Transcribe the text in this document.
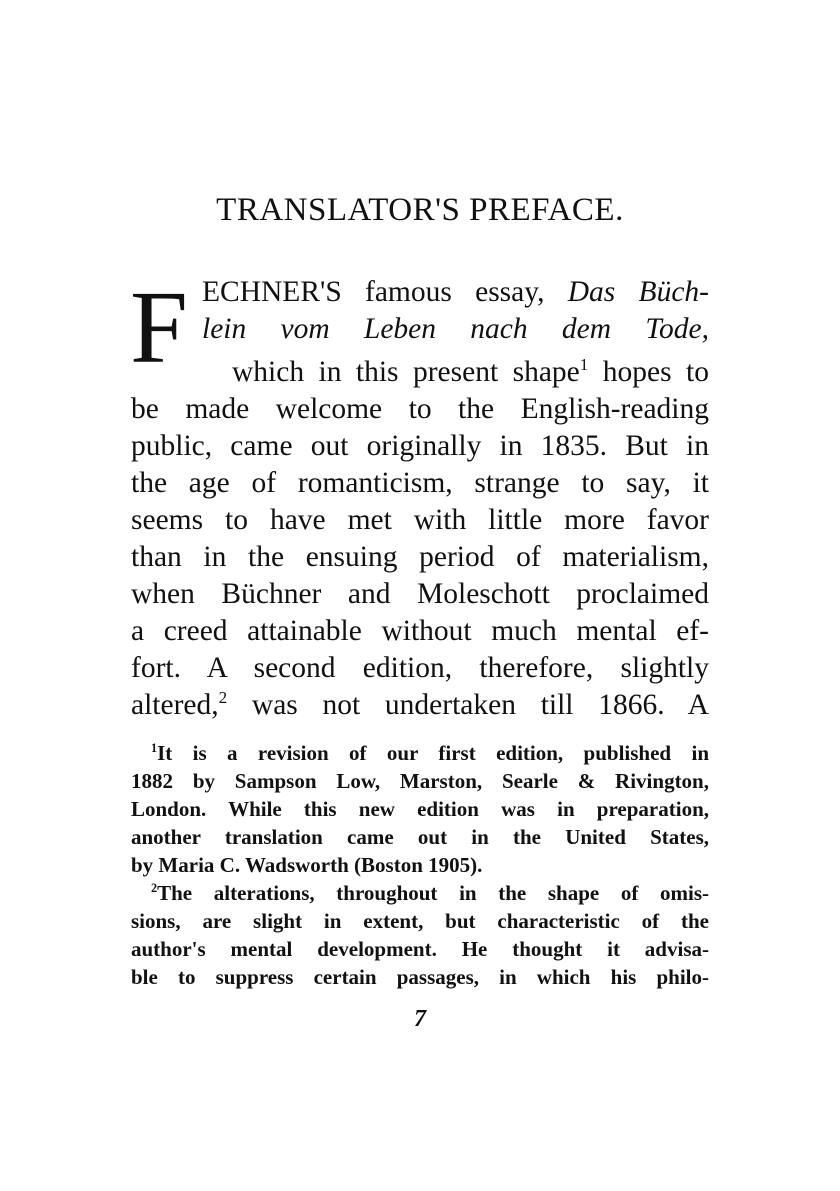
TRANSLATOR'S PREFACE.
F ECHNER'S famous essay, Das Büch-
lein vom Leben nach dem Tode,
which in this present shape$^1$ hopes to
be made welcome to the English-reading
public, came out originally in 1835. But in
the age of romanticism, strange to say, it
seems to have met with little more favor
than in the ensuing period of materialism,
when Büchner and Moleschott proclaimed
a creed attainable without much mental ef-
fort. A second edition, therefore, slightly
altered,$^2$ was not undertaken till 1866. A
$^1$It is a revision of our first edition, published in
1882 by Sampson Low, Marston, Searle & Rivington,
London. While this new edition was in preparation,
another translation came out in the United States,
by Maria C. Wadsworth (Boston 1905).
$^2$The alterations, throughout in the shape of omis-
sions, are slight in extent, but characteristic of the
author's mental development. He thought it advisa-
ble to suppress certain passages, in which his philo-
7
